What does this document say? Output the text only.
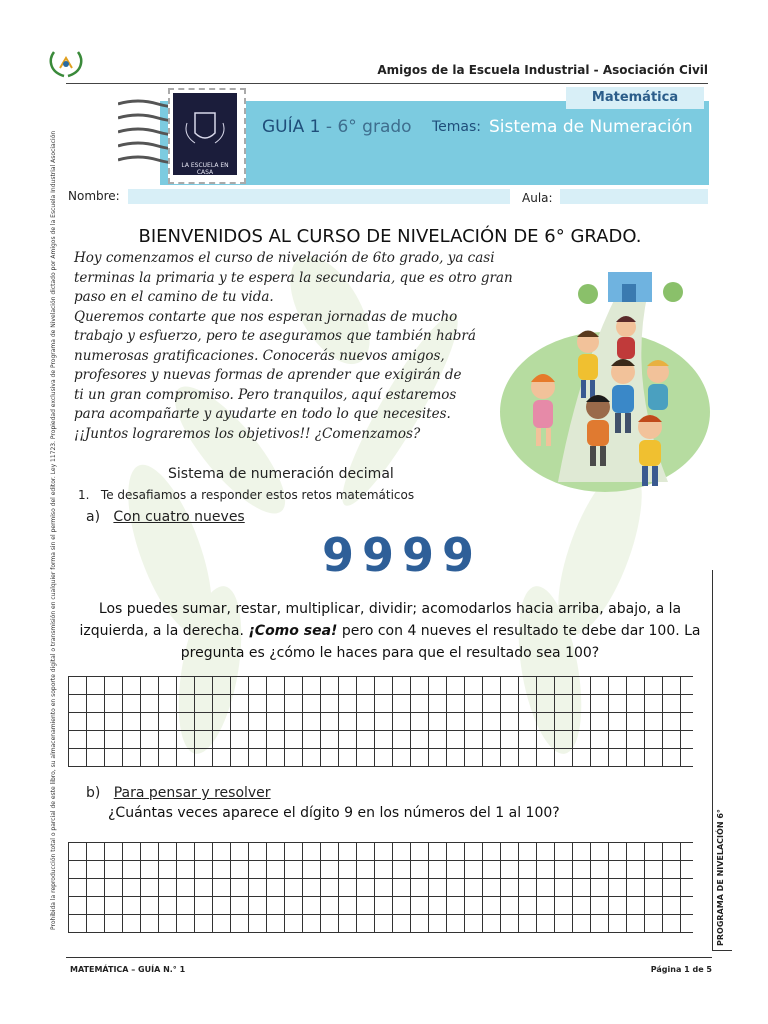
Amigos de la Escuela Industrial - Asociación Civil
Matemática
LA ESCUELA EN CASA
GUÍA 1 - 6° grado Temas: Sistema de Numeración
Nombre:	Aula:
Prohibida la reproducción total o parcial de este libro, su almacenamiento en soporte digital o transmisión en cualquier forma sin el permiso del editor. Ley 11723. Propiedad exclusiva de Programa de Nivelación dictado por Amigos de la Escuela Industrial Asociación	PROGRAMA DE NIVELACIÓN 6°
BIENVENIDOS AL CURSO DE NIVELACIÓN DE 6° GRADO.
Hoy comenzamos el curso de nivelación de 6to grado, ya casi
terminas la primaria y te espera la secundaria, que es otro gran
paso en el camino de tu vida.
Queremos contarte que nos esperan jornadas de mucho
trabajo y esfuerzo, pero te aseguramos que también habrá
numerosas gratificaciones. Conocerás nuevos amigos,
profesores y nuevas formas de aprender que exigirán de
ti un gran compromiso. Pero tranquilos, aquí estaremos
para acompañarte y ayudarte en todo lo que necesites.
¡¡Juntos lograremos los objetivos!! ¿Comenzamos?
Sistema de numeración decimal
1. Te desafiamos a responder estos retos matemáticos
a) Con cuatro nueves
9999
Los puedes sumar, restar, multiplicar, dividir; acomodarlos hacia arriba, abajo, a la izquierda, a la derecha. ¡Como sea! pero con 4 nueves el resultado te debe dar 100. La pregunta es ¿cómo le haces para que el resultado sea 100?
b) Para pensar y resolver
¿Cuántas veces aparece el dígito 9 en los números del 1 al 100?
MATEMÁTICA – GUÍA N.° 1	Página 1 de 5
